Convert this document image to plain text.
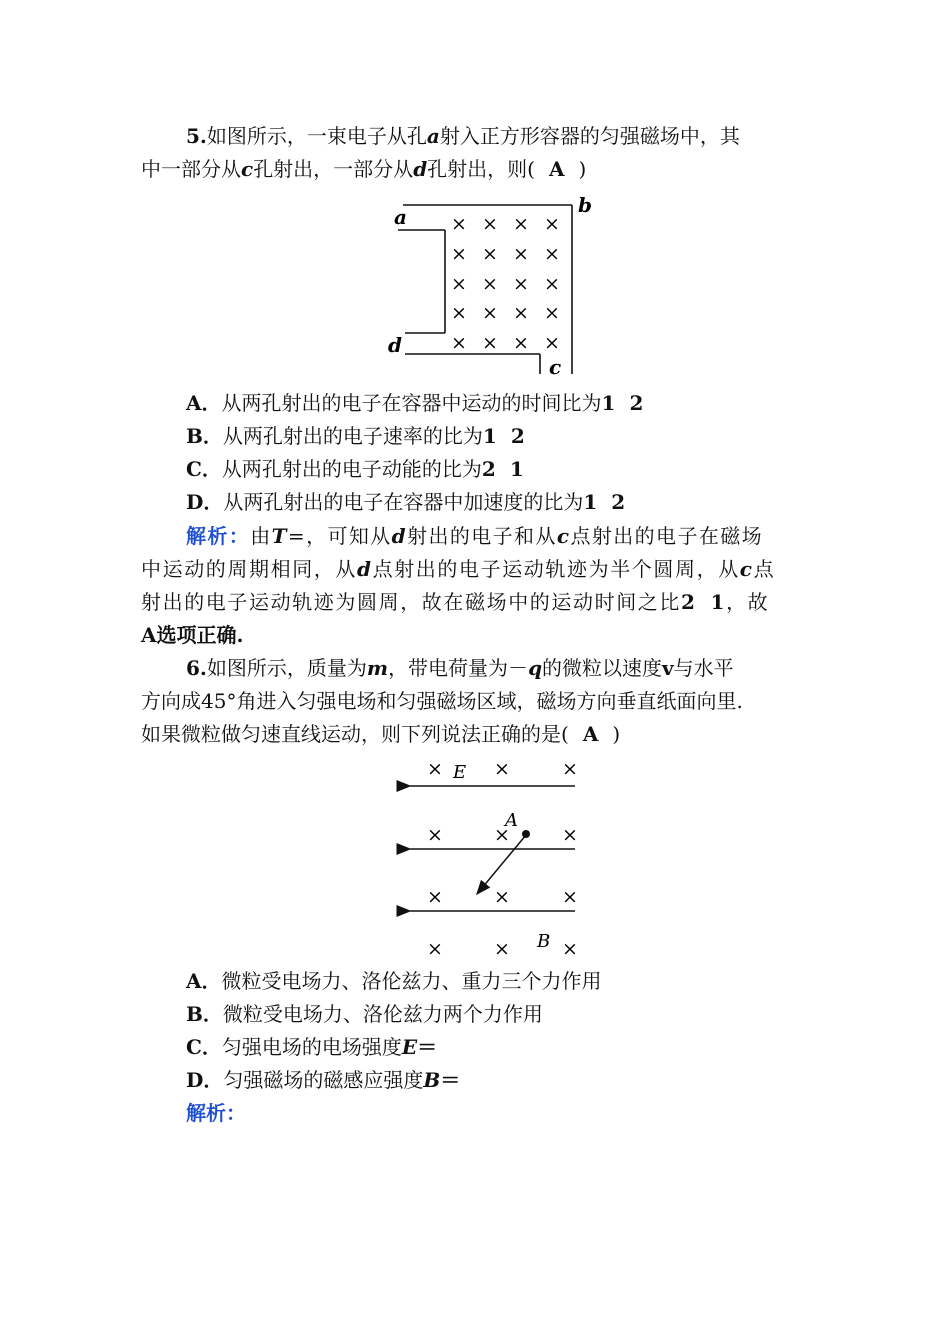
5.如图所示，一束电子从孔a射入正方形容器的匀强磁场中，其
中一部分从c孔射出，一部分从d孔射出，则( A )
a	b
d
c
×
×
×
×
×
×
×
×
×
×
×
×
×
×
×
×
×
×
×
×
A．从两孔射出的电子在容器中运动的时间比为1 2
B．从两孔射出的电子速率的比为1 2
C．从两孔射出的电子动能的比为2 1
D．从两孔射出的电子在容器中加速度的比为1 2
解析：由T=，可知从d射出的电子和从c点射出的电子在磁场
中运动的周期相同，从d点射出的电子运动轨迹为半个圆周，从c点
射出的电子运动轨迹为圆周，故在磁场中的运动时间之比2 1，故
A选项正确.
6.如图所示，质量为m，带电荷量为－q的微粒以速度v与水平
方向成45°角进入匀强电场和匀强磁场区域，磁场方向垂直纸面向里.
如果微粒做匀速直线运动，则下列说法正确的是( A )
E
A
B
×	×	×
×	×	×
×	×	×
×	×	×
A．微粒受电场力、洛伦兹力、重力三个力作用
B．微粒受电场力、洛伦兹力两个力作用
C．匀强电场的电场强度E＝
D．匀强磁场的磁感应强度B＝
解析：
